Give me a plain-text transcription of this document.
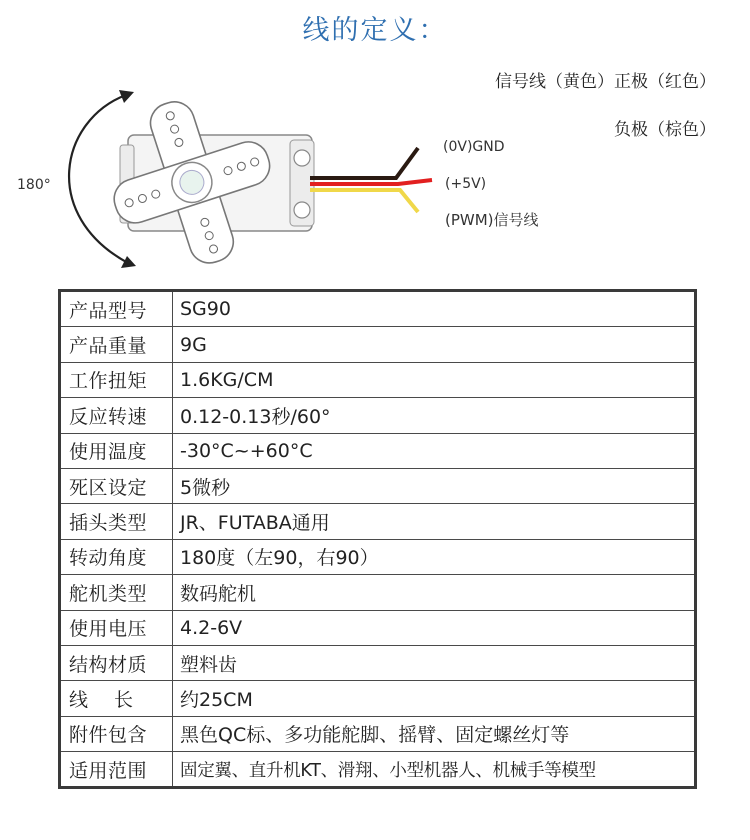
线的定义：
信号线（黄色）正极（红色）
负极（棕色）
180°
(0V)GND
(+5V)
(PWM)信号线
产品型号	SG90
产品重量	9G
工作扭矩	1.6KG/CM
反应转速	0.12-0.13秒/60°
使用温度	-30°C~+60°C
死区设定	5微秒
插头类型	JR、FUTABA通用
转动角度	180度（左90，右90）
舵机类型	数码舵机
使用电压	4.2-6V
结构材质	塑料齿
线长	约25CM
附件包含	黑色QC标、多功能舵脚、摇臂、固定螺丝灯等
适用范围	固定翼、直升机KT、滑翔、小型机器人、机械手等模型
